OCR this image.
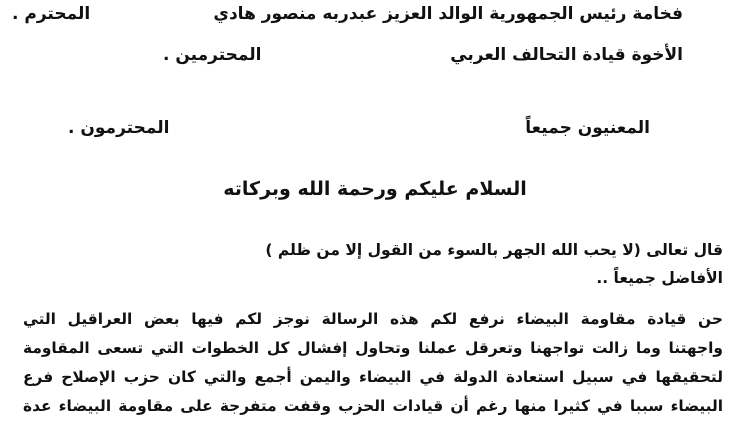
فخامة رئيس الجمهورية الوالد العزيز عبدربه منصور هادي
المحترم .
الأخوة قيادة التحالف العربي
المحترمين .
المعنيون جميعاً
المحترمون .
السلام عليكم ورحمة الله وبركاته
قال تعالى (لا يحب الله الجهر بالسوء من القول إلا من ظلم )
الأفاضل جميعاً ..
حن قيادة مقاومة البيضاء نرفع لكم هذه الرسالة نوجز لكم فيها بعض العراقيل التي
واجهتنا وما زالت تواجهنا وتعرقل عملنا وتحاول إفشال كل الخطوات التي تسعى المقاومة
لتحقيقها في سبيل استعادة الدولة في البيضاء واليمن أجمع والتي كان حزب الإصلاح فرع
البيضاء سببا في كثيرا منها رغم أن قيادات الحزب وقفت متفرجة على مقاومة البيضاء عدة
